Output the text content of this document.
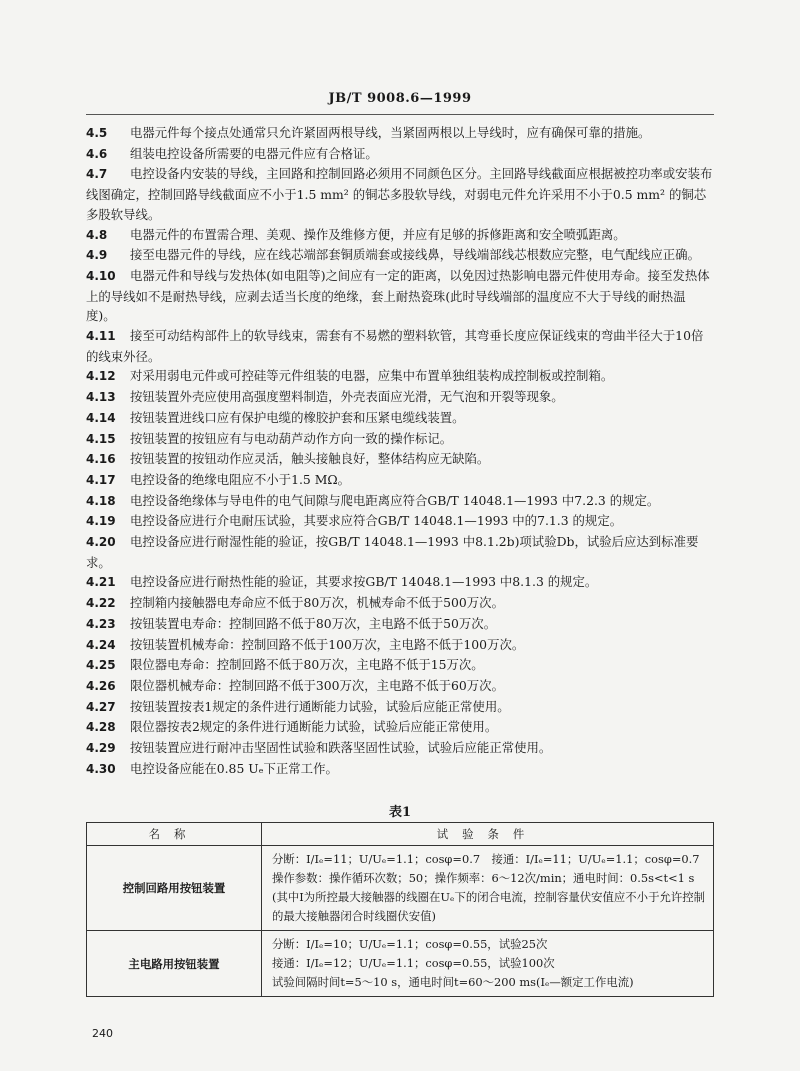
JB/T 9008.6—1999

4.5 电器元件每个接点处通常只允许紧固两根导线，当紧固两根以上导线时，应有确保可靠的措施。

4.6 组装电控设备所需要的电器元件应有合格证。

4.7 电控设备内安装的导线，主回路和控制回路必须用不同颜色区分。主回路导线截面应根据被控功率或安装布线图确定，控制回路导线截面应不小于1.5 mm² 的铜芯多股软导线，对弱电元件允许采用不小于0.5 mm² 的铜芯多股软导线。

4.8 电器元件的布置需合理、美观、操作及维修方便，并应有足够的拆修距离和安全喷弧距离。

4.9 接至电器元件的导线，应在线芯端部套铜质端套或接线鼻，导线端部线芯根数应完整，电气配线应正确。

4.10 电器元件和导线与发热体(如电阻等)之间应有一定的距离，以免因过热影响电器元件使用寿命。接至发热体上的导线如不是耐热导线，应剥去适当长度的绝缘，套上耐热瓷珠(此时导线端部的温度应不大于导线的耐热温度)。

4.11 接至可动结构部件上的软导线束，需套有不易燃的塑料软管，其弯垂长度应保证线束的弯曲半径大于10倍的线束外径。

4.12 对采用弱电元件或可控硅等元件组装的电器，应集中布置单独组装构成控制板或控制箱。

4.13 按钮装置外壳应使用高强度塑料制造，外壳表面应光滑，无气泡和开裂等现象。

4.14 按钮装置进线口应有保护电缆的橡胶护套和压紧电缆线装置。

4.15 按钮装置的按钮应有与电动葫芦动作方向一致的操作标记。

4.16 按钮装置的按钮动作应灵活，触头接触良好，整体结构应无缺陷。

4.17 电控设备的绝缘电阻应不小于1.5 MΩ。

4.18 电控设备绝缘体与导电件的电气间隙与爬电距离应符合GB/T 14048.1—1993 中7.2.3 的规定。

4.19 电控设备应进行介电耐压试验，其要求应符合GB/T 14048.1—1993 中的7.1.3 的规定。

4.20 电控设备应进行耐湿性能的验证，按GB/T 14048.1—1993 中8.1.2b)项试验Db，试验后应达到标准要求。

4.21 电控设备应进行耐热性能的验证，其要求按GB/T 14048.1—1993 中8.1.3 的规定。

4.22 控制箱内接触器电寿命应不低于80万次，机械寿命不低于500万次。

4.23 按钮装置电寿命：控制回路不低于80万次，主电路不低于50万次。

4.24 按钮装置机械寿命：控制回路不低于100万次，主电路不低于100万次。

4.25 限位器电寿命：控制回路不低于80万次，主电路不低于15万次。

4.26 限位器机械寿命：控制回路不低于300万次，主电路不低于60万次。

4.27 按钮装置按表1规定的条件进行通断能力试验，试验后应能正常使用。

4.28 限位器按表2规定的条件进行通断能力试验，试验后应能正常使用。

4.29 按钮装置应进行耐冲击坚固性试验和跌落坚固性试验，试验后应能正常使用。

4.30 电控设备应能在0.85 Uₑ下正常工作。

表1
名称	试验条件
控制回路用按钮装置	分断：I/Iₑ=11；U/Uₑ=1.1；cosφ=0.7　接通：I/Iₑ=11；U/Uₑ=1.1；cosφ=0.7
操作参数：操作循环次数；50；操作频率：6～12次/min；通电时间：0.5s<t<1 s
(其中I为所控最大接触器的线圈在Uₑ下的闭合电流，控制容量伏安值应不小于允许控制的最大接触器闭合时线圈伏安值)

主电路用按钮装置	分断：I/Iₑ=10；U/Uₑ=1.1；cosφ=0.55，试验25次
接通：I/Iₑ=12；U/Uₑ=1.1；cosφ=0.55，试验100次
试验间隔时间t=5～10 s，通电时间t=60～200 ms(Iₑ—额定工作电流)
240
